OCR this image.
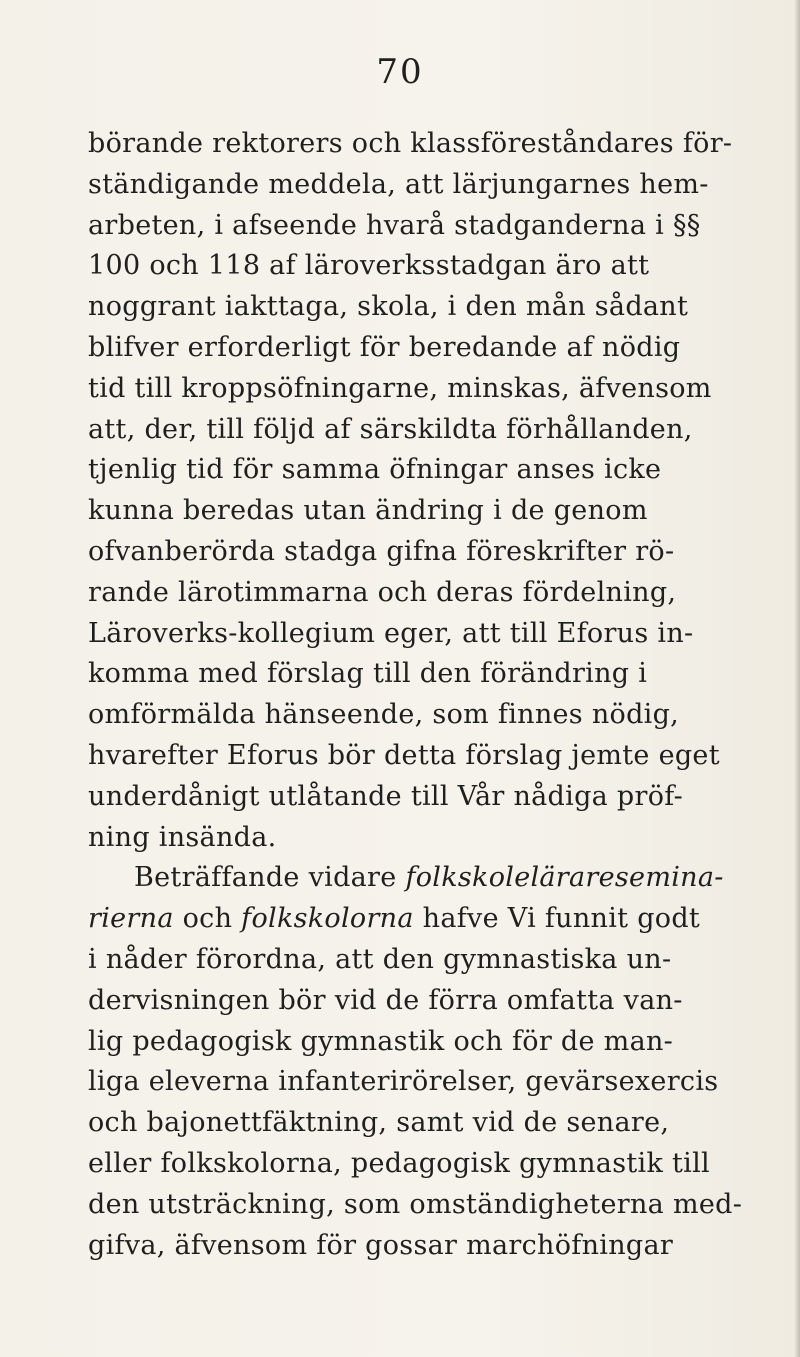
70
börande rektorers och klassföreståndares för-
ständigande meddela, att lärjungarnes hem-
arbeten, i afseende hvarå stadganderna i §§
100 och 118 af läroverksstadgan äro att
noggrant iakttaga, skola, i den mån sådant
blifver erforderligt för beredande af nödig
tid till kroppsöfningarne, minskas, äfvensom
att, der, till följd af särskildta förhållanden,
tjenlig tid för samma öfningar anses icke
kunna beredas utan ändring i de genom
ofvanberörda stadga gifna föreskrifter rö-
rande lärotimmarna och deras fördelning,
Läroverks-kollegium eger, att till Eforus in-
komma med förslag till den förändring i
omförmälda hänseende, som finnes nödig,
hvarefter Eforus bör detta förslag jemte eget
underdånigt utlåtande till Vår nådiga pröf-
ning insända.
Beträffande vidare folkskolelärareseminа-
rierna och folkskolorna hafve Vi funnit godt
i nåder förordna, att den gymnastiska un-
dervisningen bör vid de förra omfatta van-
lig pedagogisk gymnastik och för de man-
liga eleverna infanterirörelser, gevärsexercis
och bajonettfäktning, samt vid de senare,
eller folkskolorna, pedagogisk gymnastik till
den utsträckning, som omständigheterna med-
gifva, äfvensom för gossar marchöfningar
